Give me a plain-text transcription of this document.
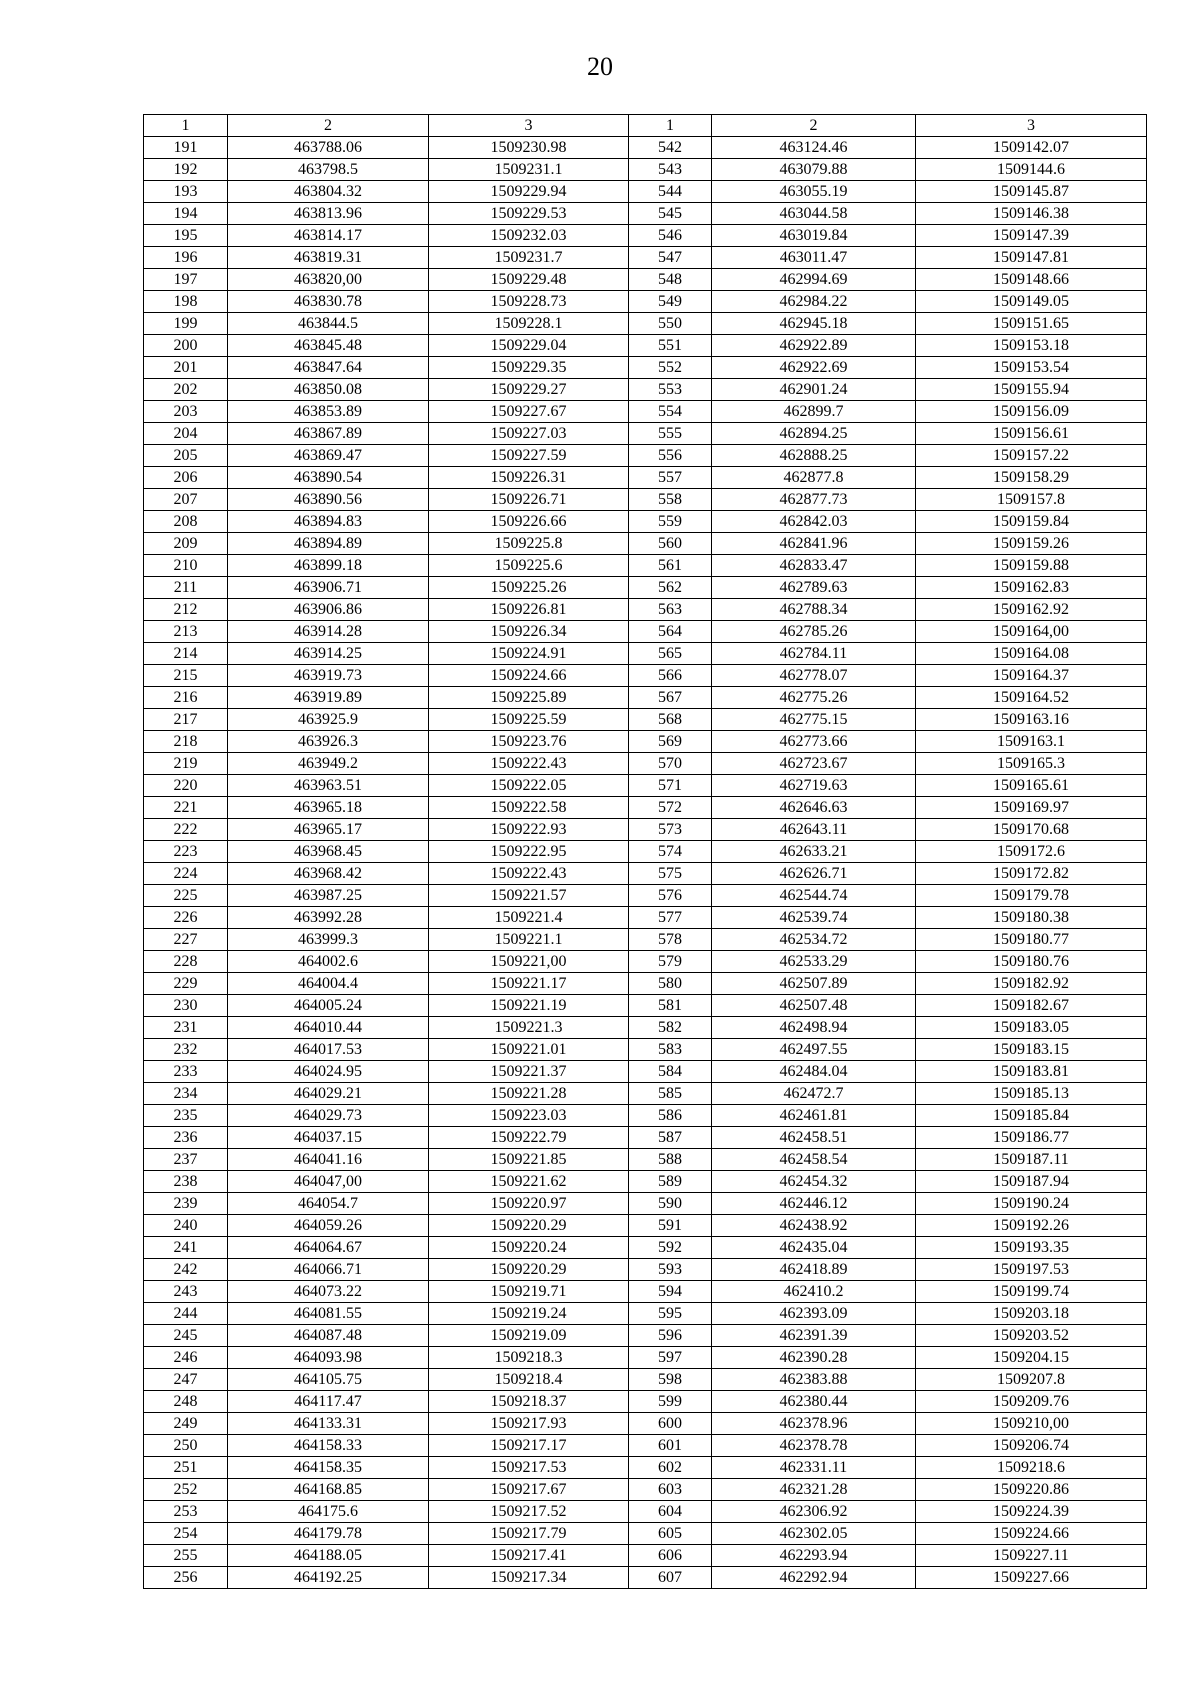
20
1	2	3	1	2	3
191	463788.06	1509230.98	542	463124.46	1509142.07
192	463798.5	1509231.1	543	463079.88	1509144.6
193	463804.32	1509229.94	544	463055.19	1509145.87
194	463813.96	1509229.53	545	463044.58	1509146.38
195	463814.17	1509232.03	546	463019.84	1509147.39
196	463819.31	1509231.7	547	463011.47	1509147.81
197	463820,00	1509229.48	548	462994.69	1509148.66
198	463830.78	1509228.73	549	462984.22	1509149.05
199	463844.5	1509228.1	550	462945.18	1509151.65
200	463845.48	1509229.04	551	462922.89	1509153.18
201	463847.64	1509229.35	552	462922.69	1509153.54
202	463850.08	1509229.27	553	462901.24	1509155.94
203	463853.89	1509227.67	554	462899.7	1509156.09
204	463867.89	1509227.03	555	462894.25	1509156.61
205	463869.47	1509227.59	556	462888.25	1509157.22
206	463890.54	1509226.31	557	462877.8	1509158.29
207	463890.56	1509226.71	558	462877.73	1509157.8
208	463894.83	1509226.66	559	462842.03	1509159.84
209	463894.89	1509225.8	560	462841.96	1509159.26
210	463899.18	1509225.6	561	462833.47	1509159.88
211	463906.71	1509225.26	562	462789.63	1509162.83
212	463906.86	1509226.81	563	462788.34	1509162.92
213	463914.28	1509226.34	564	462785.26	1509164,00
214	463914.25	1509224.91	565	462784.11	1509164.08
215	463919.73	1509224.66	566	462778.07	1509164.37
216	463919.89	1509225.89	567	462775.26	1509164.52
217	463925.9	1509225.59	568	462775.15	1509163.16
218	463926.3	1509223.76	569	462773.66	1509163.1
219	463949.2	1509222.43	570	462723.67	1509165.3
220	463963.51	1509222.05	571	462719.63	1509165.61
221	463965.18	1509222.58	572	462646.63	1509169.97
222	463965.17	1509222.93	573	462643.11	1509170.68
223	463968.45	1509222.95	574	462633.21	1509172.6
224	463968.42	1509222.43	575	462626.71	1509172.82
225	463987.25	1509221.57	576	462544.74	1509179.78
226	463992.28	1509221.4	577	462539.74	1509180.38
227	463999.3	1509221.1	578	462534.72	1509180.77
228	464002.6	1509221,00	579	462533.29	1509180.76
229	464004.4	1509221.17	580	462507.89	1509182.92
230	464005.24	1509221.19	581	462507.48	1509182.67
231	464010.44	1509221.3	582	462498.94	1509183.05
232	464017.53	1509221.01	583	462497.55	1509183.15
233	464024.95	1509221.37	584	462484.04	1509183.81
234	464029.21	1509221.28	585	462472.7	1509185.13
235	464029.73	1509223.03	586	462461.81	1509185.84
236	464037.15	1509222.79	587	462458.51	1509186.77
237	464041.16	1509221.85	588	462458.54	1509187.11
238	464047,00	1509221.62	589	462454.32	1509187.94
239	464054.7	1509220.97	590	462446.12	1509190.24
240	464059.26	1509220.29	591	462438.92	1509192.26
241	464064.67	1509220.24	592	462435.04	1509193.35
242	464066.71	1509220.29	593	462418.89	1509197.53
243	464073.22	1509219.71	594	462410.2	1509199.74
244	464081.55	1509219.24	595	462393.09	1509203.18
245	464087.48	1509219.09	596	462391.39	1509203.52
246	464093.98	1509218.3	597	462390.28	1509204.15
247	464105.75	1509218.4	598	462383.88	1509207.8
248	464117.47	1509218.37	599	462380.44	1509209.76
249	464133.31	1509217.93	600	462378.96	1509210,00
250	464158.33	1509217.17	601	462378.78	1509206.74
251	464158.35	1509217.53	602	462331.11	1509218.6
252	464168.85	1509217.67	603	462321.28	1509220.86
253	464175.6	1509217.52	604	462306.92	1509224.39
254	464179.78	1509217.79	605	462302.05	1509224.66
255	464188.05	1509217.41	606	462293.94	1509227.11
256	464192.25	1509217.34	607	462292.94	1509227.66
